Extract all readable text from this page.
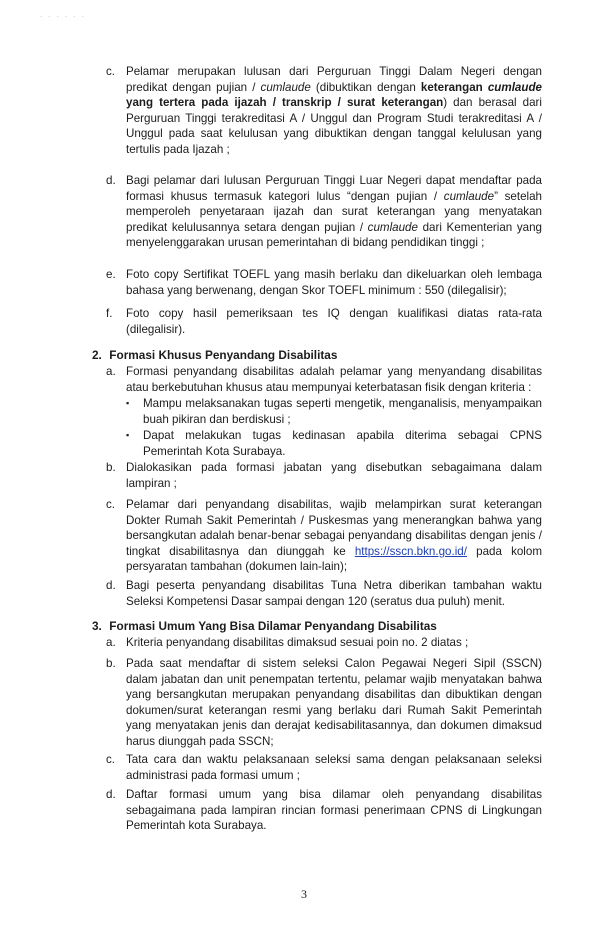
- - - - - -
c. Pelamar merupakan lulusan dari Perguruan Tinggi Dalam Negeri dengan predikat dengan pujian / cumlaude (dibuktikan dengan keterangan cumlaude yang tertera pada ijazah / transkrip / surat keterangan) dan berasal dari Perguruan Tinggi terakreditasi A / Unggul dan Program Studi terakreditasi A / Unggul pada saat kelulusan yang dibuktikan dengan tanggal kelulusan yang tertulis pada Ijazah ;
d. Bagi pelamar dari lulusan Perguruan Tinggi Luar Negeri dapat mendaftar pada formasi khusus termasuk kategori lulus “dengan pujian / cumlaude” setelah memperoleh penyetaraan ijazah dan surat keterangan yang menyatakan predikat kelulusannya setara dengan pujian / cumlaude dari Kementerian yang menyelenggarakan urusan pemerintahan di bidang pendidikan tinggi ;
e. Foto copy Sertifikat TOEFL yang masih berlaku dan dikeluarkan oleh lembaga bahasa yang berwenang, dengan Skor TOEFL minimum : 550 (dilegalisir);
f. Foto copy hasil pemeriksaan tes IQ dengan kualifikasi diatas rata-rata (dilegalisir).
2. Formasi Khusus Penyandang Disabilitas
a. Formasi penyandang disabilitas adalah pelamar yang menyandang disabilitas atau berkebutuhan khusus atau mempunyai keterbatasan fisik dengan kriteria :
▪ Mampu melaksanakan tugas seperti mengetik, menganalisis, menyampaikan buah pikiran dan berdiskusi ;
▪ Dapat melakukan tugas kedinasan apabila diterima sebagai CPNS Pemerintah Kota Surabaya.
b. Dialokasikan pada formasi jabatan yang disebutkan sebagaimana dalam lampiran ;
c. Pelamar dari penyandang disabilitas, wajib melampirkan surat keterangan Dokter Rumah Sakit Pemerintah / Puskesmas yang menerangkan bahwa yang bersangkutan adalah benar-benar sebagai penyandang disabilitas dengan jenis / tingkat disabilitasnya dan diunggah ke https://sscn.bkn.go.id/ pada kolom persyaratan tambahan (dokumen lain-lain);
d. Bagi peserta penyandang disabilitas Tuna Netra diberikan tambahan waktu Seleksi Kompetensi Dasar sampai dengan 120 (seratus dua puluh) menit.
3. Formasi Umum Yang Bisa Dilamar Penyandang Disabilitas
a. Kriteria penyandang disabilitas dimaksud sesuai poin no. 2 diatas ;
b. Pada saat mendaftar di sistem seleksi Calon Pegawai Negeri Sipil (SSCN) dalam jabatan dan unit penempatan tertentu, pelamar wajib menyatakan bahwa yang bersangkutan merupakan penyandang disabilitas dan dibuktikan dengan dokumen/surat keterangan resmi yang berlaku dari Rumah Sakit Pemerintah yang menyatakan jenis dan derajat kedisabilitasannya, dan dokumen dimaksud harus diunggah pada SSCN;
c. Tata cara dan waktu pelaksanaan seleksi sama dengan pelaksanaan seleksi administrasi pada formasi umum ;
d. Daftar formasi umum yang bisa dilamar oleh penyandang disabilitas sebagaimana pada lampiran rincian formasi penerimaan CPNS di Lingkungan Pemerintah kota Surabaya.
3
